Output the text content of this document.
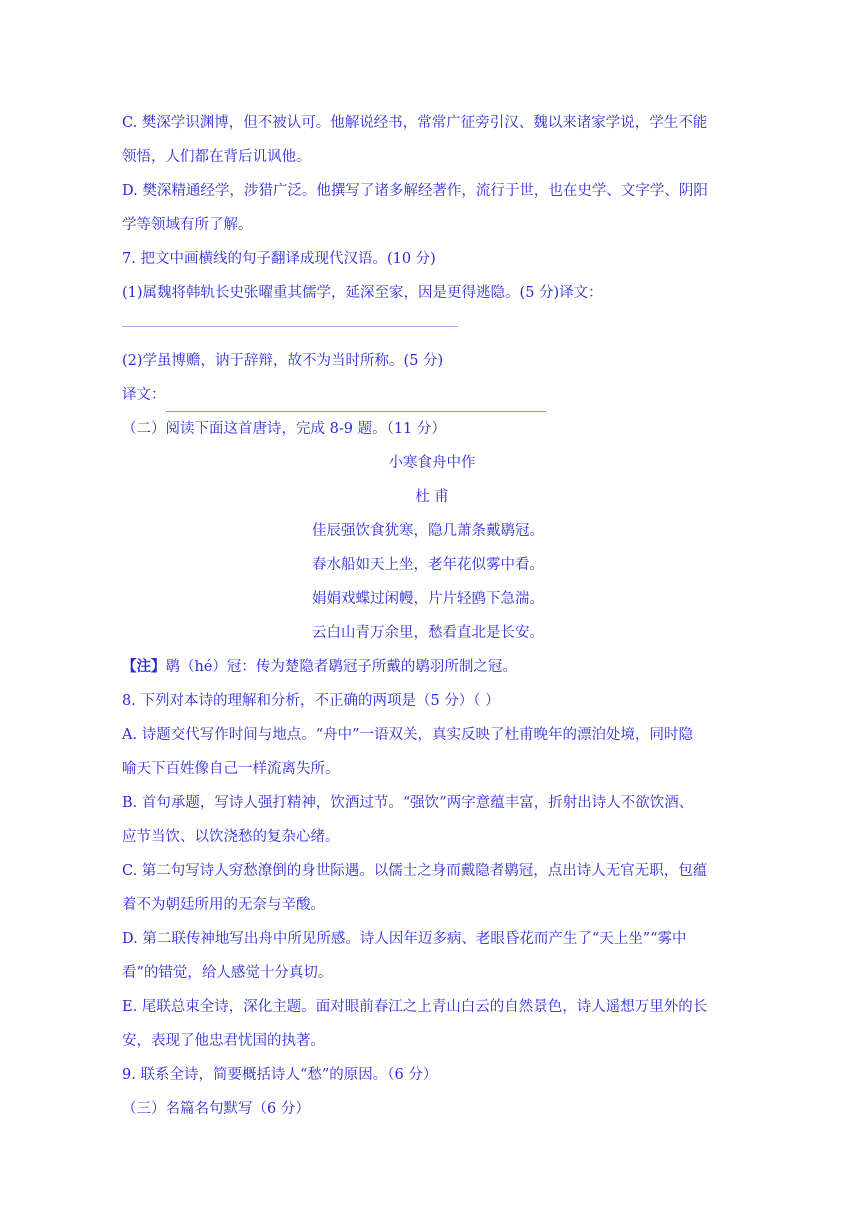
C. 樊深学识渊博，但不被认可。他解说经书，常常广征旁引汉、魏以来诸家学说，学生不能
领悟，人们都在背后讥讽他。
D. 樊深精通经学，涉猎广泛。他撰写了诸多解经著作，流行于世，也在史学、文字学、阴阳
学等领域有所了解。
7. 把文中画横线的句子翻译成现代汉语。(10 分)
(1)属魏将韩轨长史张曜重其儒学，延深至家，因是更得逃隐。(5 分)译文：
(2)学虽博赡，讷于辞辩，故不为当时所称。(5 分)
译文：
（二）阅读下面这首唐诗，完成 8-9 题。（11 分）
小寒食舟中作
杜 甫
佳辰强饮食犹寒，隐几萧条戴鹖冠。
春水船如天上坐，老年花似雾中看。
娟娟戏蝶过闲幔，片片轻鸥下急湍。
云白山青万余里，愁看直北是长安。
【注】鹖（hé）冠：传为楚隐者鹖冠子所戴的鹖羽所制之冠。
8. 下列对本诗的理解和分析，不正确的两项是（5 分）（ ）
A. 诗题交代写作时间与地点。“舟中”一语双关，真实反映了杜甫晚年的漂泊处境，同时隐
喻天下百姓像自己一样流离失所。
B. 首句承题，写诗人强打精神，饮酒过节。“强饮”两字意蕴丰富，折射出诗人不欲饮酒、
应节当饮、以饮浇愁的复杂心绪。
C. 第二句写诗人穷愁潦倒的身世际遇。以儒士之身而戴隐者鹖冠，点出诗人无官无职，包蕴
着不为朝廷所用的无奈与辛酸。
D. 第二联传神地写出舟中所见所感。诗人因年迈多病、老眼昏花而产生了“天上坐”“雾中
看”的错觉，给人感觉十分真切。
E. 尾联总束全诗，深化主题。面对眼前春江之上青山白云的自然景色，诗人遥想万里外的长
安，表现了他忠君忧国的执著。
9. 联系全诗，简要概括诗人“愁”的原因。（6 分）
（三）名篇名句默写（6 分）
